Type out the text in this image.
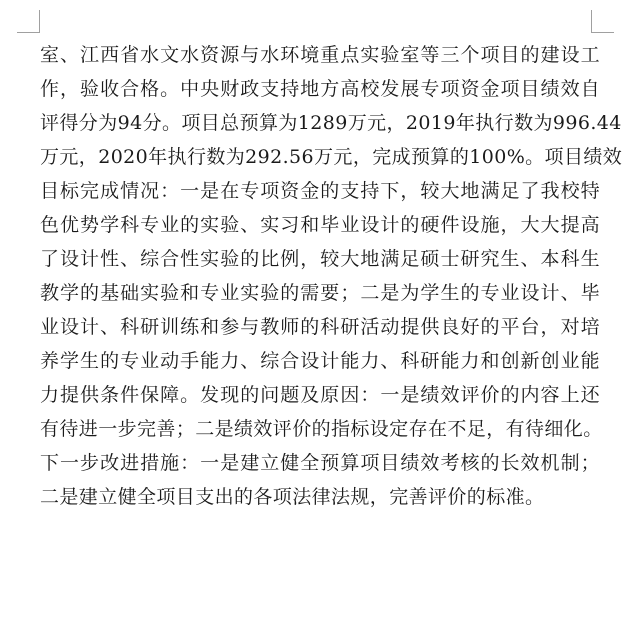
室、江西省水文水资源与水环境重点实验室等三个项目的建设工
作，验收合格。中央财政支持地方高校发展专项资金项目绩效自
评得分为94分。项目总预算为1289万元，2019年执行数为996.44
万元，2020年执行数为292.56万元，完成预算的100%。项目绩效
目标完成情况：一是在专项资金的支持下，较大地满足了我校特
色优势学科专业的实验、实习和毕业设计的硬件设施，大大提高
了设计性、综合性实验的比例，较大地满足硕士研究生、本科生
教学的基础实验和专业实验的需要；二是为学生的专业设计、毕
业设计、科研训练和参与教师的科研活动提供良好的平台，对培
养学生的专业动手能力、综合设计能力、科研能力和创新创业能
力提供条件保障。发现的问题及原因：一是绩效评价的内容上还
有待进一步完善；二是绩效评价的指标设定存在不足，有待细化。
下一步改进措施：一是建立健全预算项目绩效考核的长效机制；
二是建立健全项目支出的各项法律法规，完善评价的标准。
